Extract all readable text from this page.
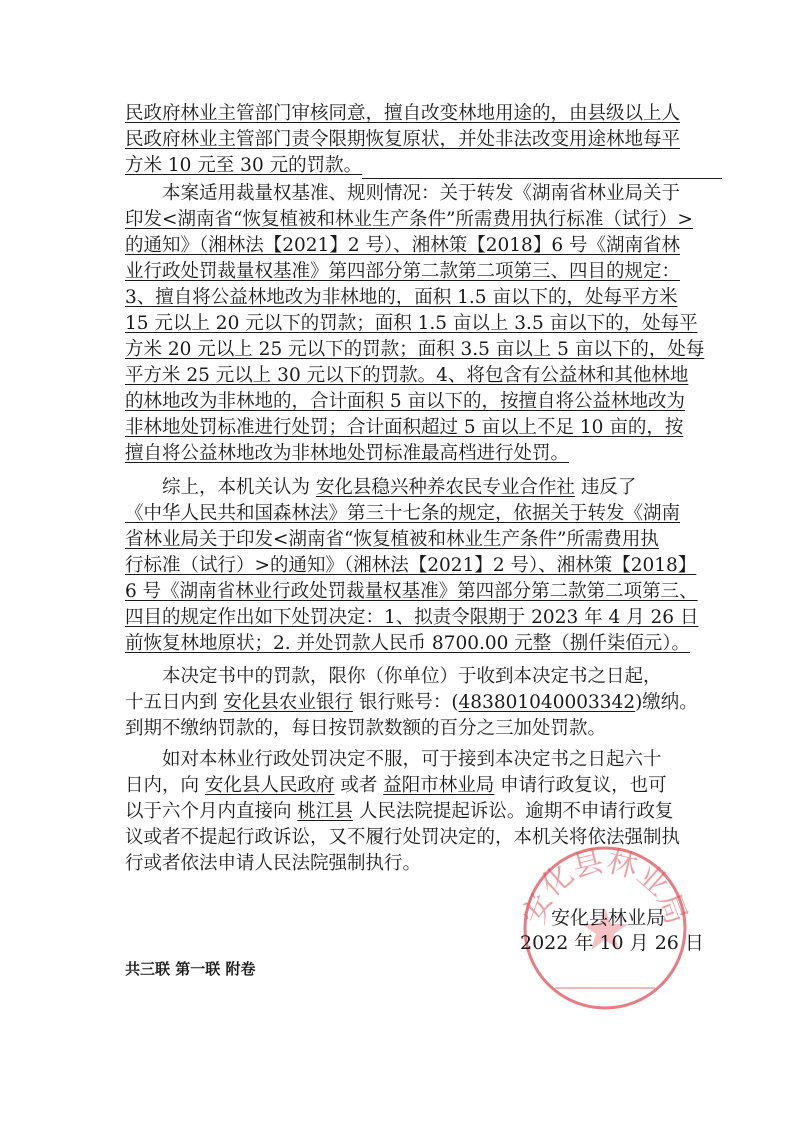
民政府林业主管部门审核同意，擅自改变林地用途的，由县级以上人
民政府林业主管部门责令限期恢复原状，并处非法改变用途林地每平
方米 10 元至 30 元的罚款。
本案适用裁量权基准、规则情况：关于转发《湖南省林业局关于
印发<湖南省“恢复植被和林业生产条件”所需费用执行标准（试行）>
的通知》（湘林法【2021】2 号）、湘林策【2018】6 号《湖南省林
业行政处罚裁量权基准》第四部分第二款第二项第三、四目的规定：
3、擅自将公益林地改为非林地的，面积 1.5 亩以下的，处每平方米
15 元以上 20 元以下的罚款；面积 1.5 亩以上 3.5 亩以下的，处每平
方米 20 元以上 25 元以下的罚款；面积 3.5 亩以上 5 亩以下的，处每
平方米 25 元以上 30 元以下的罚款。4、将包含有公益林和其他林地
的林地改为非林地的，合计面积 5 亩以下的，按擅自将公益林地改为
非林地处罚标准进行处罚；合计面积超过 5 亩以上不足 10 亩的，按
擅自将公益林地改为非林地处罚标准最高档进行处罚。
综上，本机关认为 安化县稳兴种养农民专业合作社 违反了
《中华人民共和国森林法》第三十七条的规定，依据关于转发《湖南
省林业局关于印发<湖南省“恢复植被和林业生产条件”所需费用执
行标准（试行）>的通知》（湘林法【2021】2 号）、湘林策【2018】
6 号《湖南省林业行政处罚裁量权基准》第四部分第二款第二项第三、
四目的规定作出如下处罚决定：1、拟责令限期于 2023 年 4 月 26 日
前恢复林地原状；2. 并处罚款人民币 8700.00 元整（捌仟柒佰元）。
本决定书中的罚款，限你（你单位）于收到本决定书之日起，
十五日内到 安化县农业银行 银行账号：(483801040003342)缴纳。
到期不缴纳罚款的，每日按罚款数额的百分之三加处罚款。
如对本林业行政处罚决定不服，可于接到本决定书之日起六十
日内，向 安化县人民政府 或者 益阳市林业局 申请行政复议，也可
以于六个月内直接向 桃江县 人民法院提起诉讼。逾期不申请行政复
议或者不提起行政诉讼，又不履行处罚决定的，本机关将依法强制执
行或者依法申请人民法院强制执行。
安化县林业局
安化县林业局
2022 年 10 月 26 日
共三联 第一联 附卷
